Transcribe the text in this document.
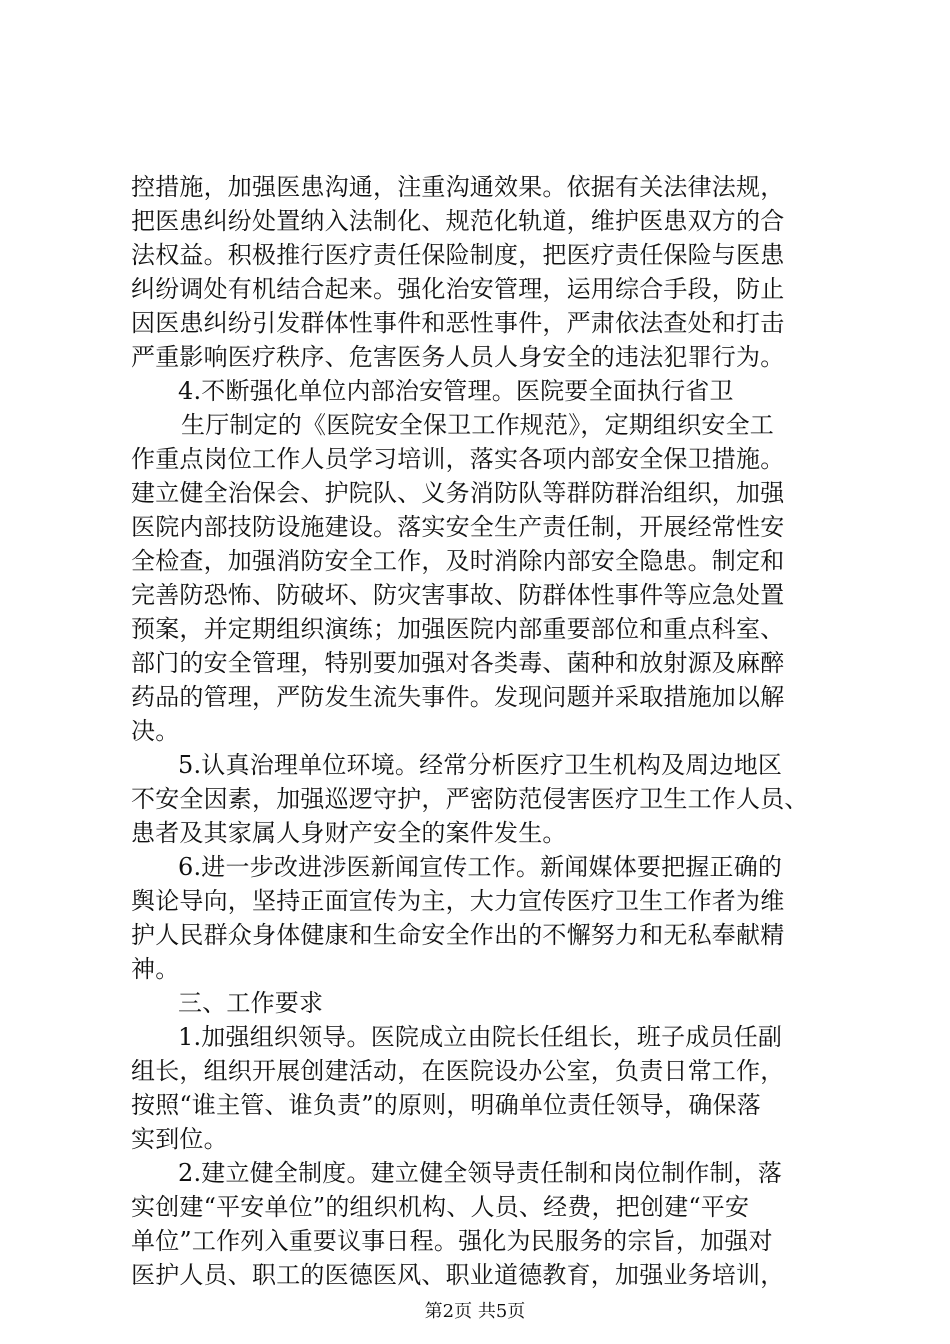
控措施，加强医患沟通，注重沟通效果。依据有关法律法规，
把医患纠纷处置纳入法制化、规范化轨道，维护医患双方的合
法权益。积极推行医疗责任保险制度，把医疗责任保险与医患
纠纷调处有机结合起来。强化治安管理，运用综合手段，防止
因医患纠纷引发群体性事件和恶性事件，严肃依法查处和打击
严重影响医疗秩序、危害医务人员人身安全的违法犯罪行为。
4.不断强化单位内部治安管理。医院要全面执行省卫
生厅制定的《医院安全保卫工作规范》，定期组织安全工
作重点岗位工作人员学习培训，落实各项内部安全保卫措施。
建立健全治保会、护院队、义务消防队等群防群治组织，加强
医院内部技防设施建设。落实安全生产责任制，开展经常性安
全检查，加强消防安全工作，及时消除内部安全隐患。制定和
完善防恐怖、防破坏、防灾害事故、防群体性事件等应急处置
预案，并定期组织演练；加强医院内部重要部位和重点科室、
部门的安全管理，特别要加强对各类毒、菌种和放射源及麻醉
药品的管理，严防发生流失事件。发现问题并采取措施加以解
决。
5.认真治理单位环境。经常分析医疗卫生机构及周边地区
不安全因素，加强巡逻守护，严密防范侵害医疗卫生工作人员、
患者及其家属人身财产安全的案件发生。
6.进一步改进涉医新闻宣传工作。新闻媒体要把握正确的
舆论导向，坚持正面宣传为主，大力宣传医疗卫生工作者为维
护人民群众身体健康和生命安全作出的不懈努力和无私奉献精
神。
三、工作要求
1.加强组织领导。医院成立由院长任组长，班子成员任副
组长，组织开展创建活动，在医院设办公室，负责日常工作，
按照“谁主管、谁负责”的原则，明确单位责任领导，确保落
实到位。
2.建立健全制度。建立健全领导责任制和岗位制作制，落
实创建“平安单位”的组织机构、人员、经费，把创建“平安
单位”工作列入重要议事日程。强化为民服务的宗旨，加强对
医护人员、职工的医德医风、职业道德教育，加强业务培训，
第2页 共5页
